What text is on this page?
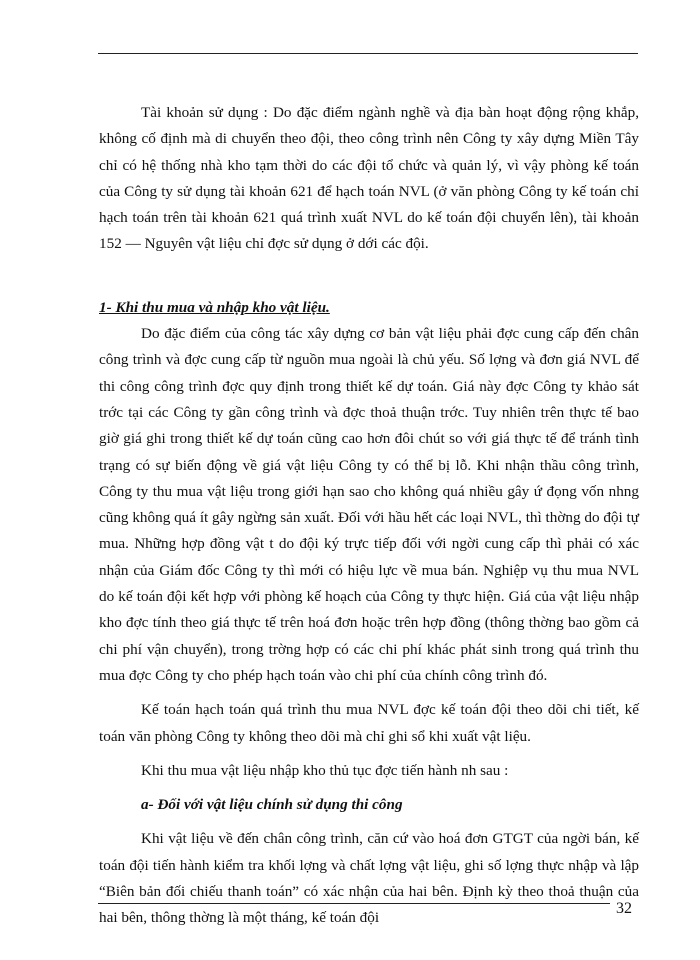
Tài khoản sử dụng : Do đặc điểm ngành nghề và địa bàn hoạt động rộng khắp, không cố định mà di chuyển theo đội, theo công trình nên Công ty xây dựng Miền Tây chỉ có hệ thống nhà kho tạm thời do các đội tổ chức và quản lý, vì vậy phòng kế toán của Công ty sử dụng tài khoản 621 để hạch toán NVL (ở văn phòng Công ty kế toán chỉ hạch toán trên tài khoản 621 quá trình xuất NVL do kế toán đội chuyển lên), tài khoản 152 — Nguyên vật liệu chỉ đợc sử dụng ở dới các đội.

1- Khi thu mua và nhập kho vật liệu.

Do đặc điểm của công tác xây dựng cơ bản vật liệu phải đợc cung cấp đến chân công trình và đợc cung cấp từ nguồn mua ngoài là chủ yếu. Số lợng và đơn giá NVL để thi công công trình đợc quy định trong thiết kế dự toán. Giá này đợc Công ty khảo sát trớc tại các Công ty gần công trình và đợc thoả thuận trớc. Tuy nhiên trên thực tế bao giờ giá ghi trong thiết kế dự toán cũng cao hơn đôi chút so với giá thực tế để tránh tình trạng có sự biến động về giá vật liệu Công ty có thể bị lỗ. Khi nhận thầu công trình, Công ty thu mua vật liệu trong giới hạn sao cho không quá nhiều gây ứ đọng vốn nhng cũng không quá ít gây ngừng sản xuất. Đối với hầu hết các loại NVL, thì thờng do đội tự mua. Những hợp đồng vật t do đội ký trực tiếp đối với ngời cung cấp thì phải có xác nhận của Giám đốc Công ty thì mới có hiệu lực về mua bán. Nghiệp vụ thu mua NVL do kế toán đội kết hợp với phòng kế hoạch của Công ty thực hiện. Giá của vật liệu nhập kho đợc tính theo giá thực tế trên hoá đơn hoặc trên hợp đồng (thông thờng bao gồm cả chi phí vận chuyển), trong trờng hợp có các chi phí khác phát sinh trong quá trình thu mua đợc Công ty cho phép hạch toán vào chi phí của chính công trình đó.

Kế toán hạch toán quá trình thu mua NVL đợc kế toán đội theo dõi chi tiết, kế toán văn phòng Công ty không theo dõi mà chỉ ghi sổ khi xuất vật liệu.

Khi thu mua vật liệu nhập kho thủ tục đợc tiến hành nh sau :

a- Đối với vật liệu chính sử dụng thi công

Khi vật liệu về đến chân công trình, căn cứ vào hoá đơn GTGT của ngời bán, kế toán đội tiến hành kiểm tra khối lợng và chất lợng vật liệu, ghi số lợng thực nhập và lập “Biên bản đối chiếu thanh toán” có xác nhận của hai bên. Định kỳ theo thoả thuận của hai bên, thông thờng là một tháng, kế toán đội

32
